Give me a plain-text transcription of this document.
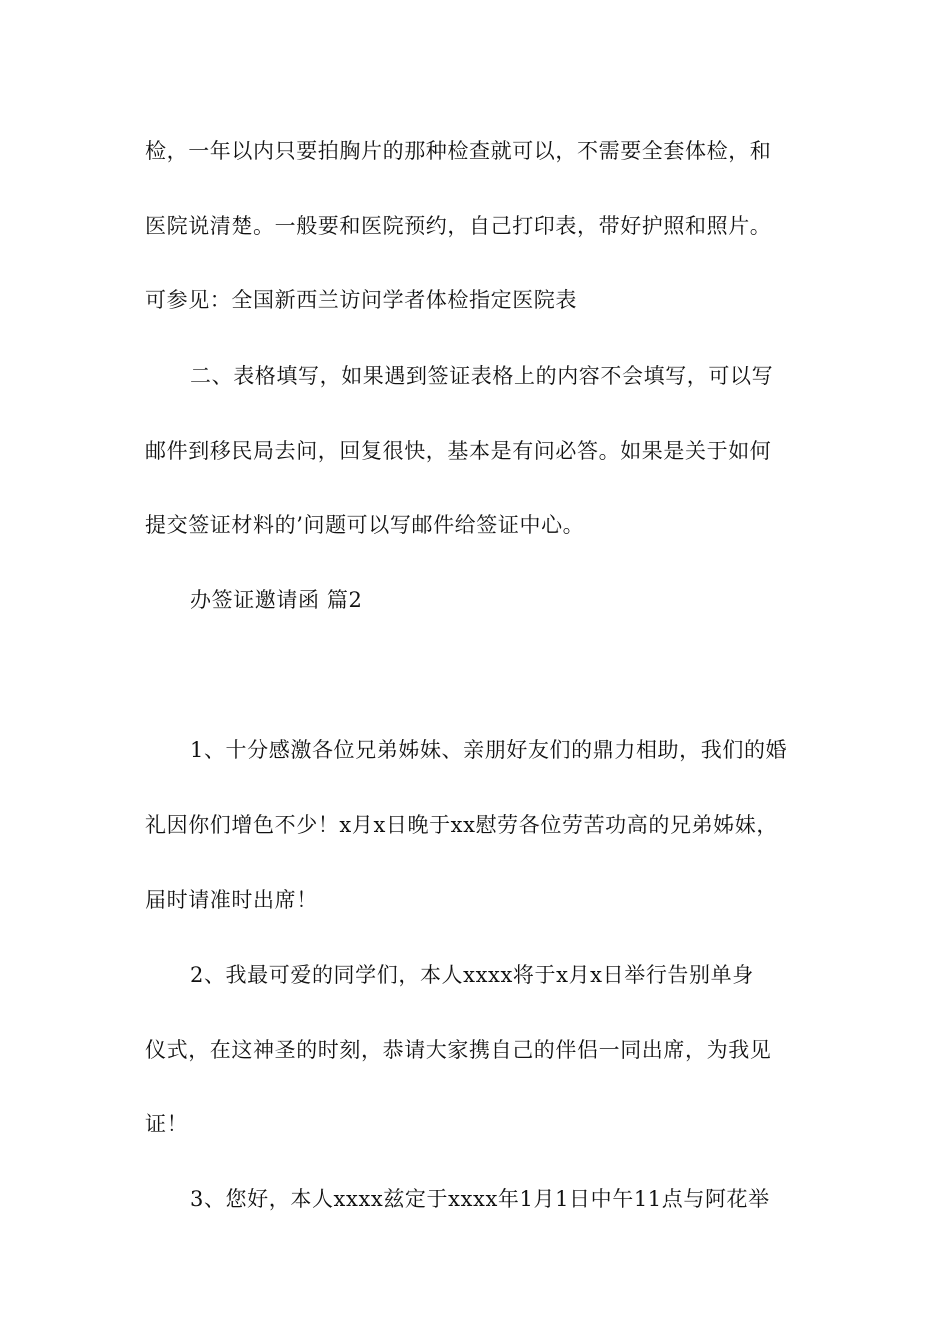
检，一年以内只要拍胸片的那种检查就可以，不需要全套体检，和
医院说清楚。一般要和医院预约，自己打印表，带好护照和照片。
可参见：全国新西兰访问学者体检指定医院表
二、表格填写，如果遇到签证表格上的内容不会填写，可以写
邮件到移民局去问，回复很快，基本是有问必答。如果是关于如何
提交签证材料的’问题可以写邮件给签证中心。
办签证邀请函 篇2
1、十分感激各位兄弟姊妹、亲朋好友们的鼎力相助，我们的婚
礼因你们增色不少！x月x日晚于xx慰劳各位劳苦功高的兄弟姊妹，
届时请准时出席！
2、我最可爱的同学们，本人xxxx将于x月x日举行告别单身
仪式，在这神圣的时刻，恭请大家携自己的伴侣一同出席，为我见
证！
3、您好，本人xxxx兹定于xxxx年1月1日中午11点与阿花举
